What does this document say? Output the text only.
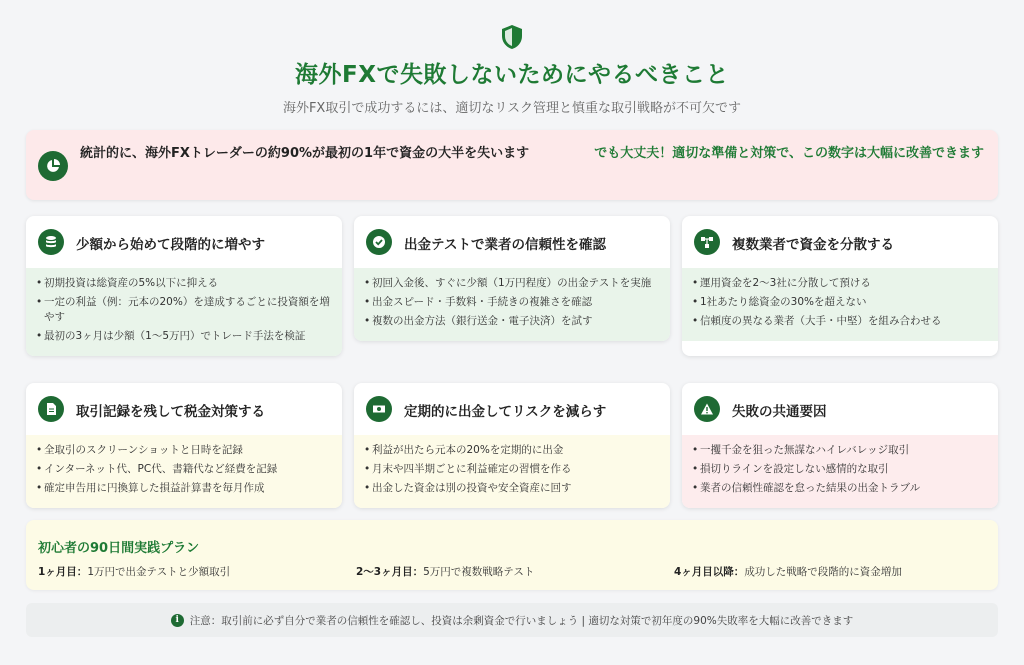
海外FXで失敗しないためにやるべきこと
海外FX取引で成功するには、適切なリスク管理と慎重な取引戦略が不可欠です
統計的に、海外FXトレーダーの約90%が最初の1年で資金の大半を失います	でも大丈夫！適切な準備と対策で、この数字は大幅に改善できます
少額から始めて段階的に増やす
• 初期投資は総資産の5%以下に抑える
• 一定の利益（例：元本の20%）を達成するごとに投資額を増やす
• 最初の3ヶ月は少額（1〜5万円）でトレード手法を検証
出金テストで業者の信頼性を確認
• 初回入金後、すぐに少額（1万円程度）の出金テストを実施
• 出金スピード・手数料・手続きの複雑さを確認
• 複数の出金方法（銀行送金・電子決済）を試す
複数業者で資金を分散する
• 運用資金を2〜3社に分散して預ける
• 1社あたり総資金の30%を超えない
• 信頼度の異なる業者（大手・中堅）を組み合わせる
取引記録を残して税金対策する
• 全取引のスクリーンショットと日時を記録
• インターネット代、PC代、書籍代など経費を記録
• 確定申告用に円換算した損益計算書を毎月作成
定期的に出金してリスクを減らす
• 利益が出たら元本の20%を定期的に出金
• 月末や四半期ごとに利益確定の習慣を作る
• 出金した資金は別の投資や安全資産に回す
失敗の共通要因
• 一攫千金を狙った無謀なハイレバレッジ取引
• 損切りラインを設定しない感情的な取引
• 業者の信頼性確認を怠った結果の出金トラブル
初心者の90日間実践プラン
1ヶ月目：1万円で出金テストと少額取引	2〜3ヶ月目：5万円で複数戦略テスト	4ヶ月目以降：成功した戦略で段階的に資金増加
i	注意：取引前に必ず自分で業者の信頼性を確認し、投資は余剰資金で行いましょう | 適切な対策で初年度の90%失敗率を大幅に改善できます
